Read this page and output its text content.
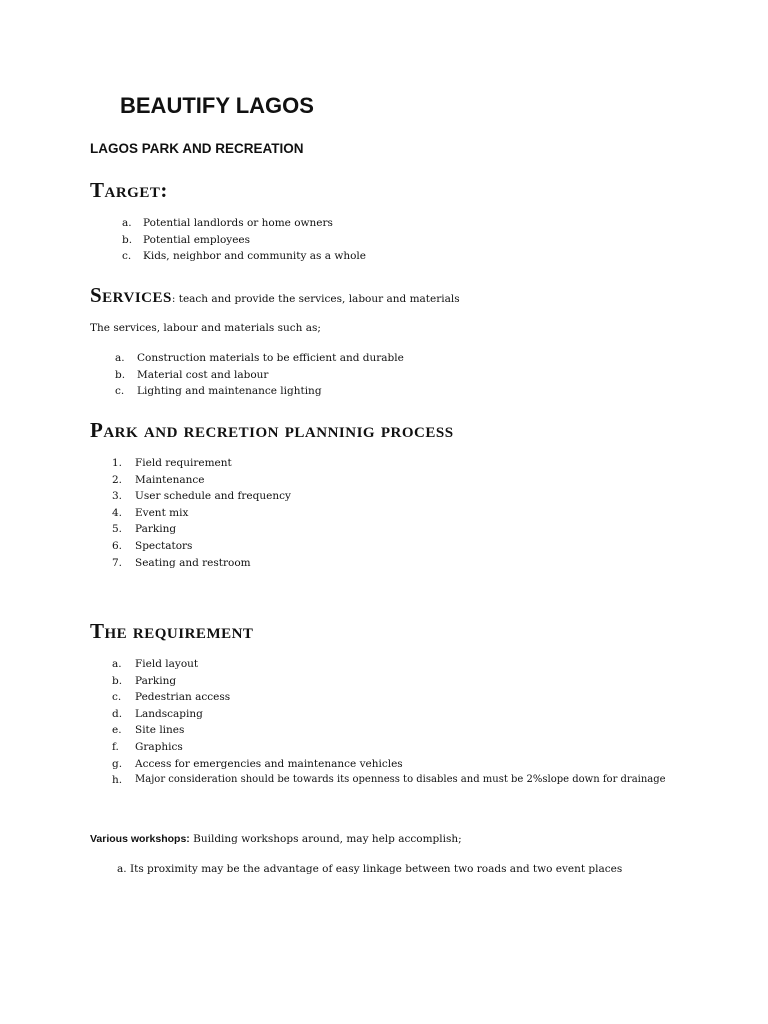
BEAUTIFY LAGOS
LAGOS PARK AND RECREATION
Target:
a. Potential landlords or home owners
b. Potential employees
c. Kids, neighbor and community as a whole
Services: teach and provide the services, labour and materials
The services, labour and materials such as;
a. Construction materials to be efficient and durable
b. Material cost and labour
c. Lighting and maintenance lighting
Park and recretion planninig process
1. Field requirement
2. Maintenance
3. User schedule and frequency
4. Event mix
5. Parking
6. Spectators
7. Seating and restroom
The requirement
a. Field layout
b. Parking
c. Pedestrian access
d. Landscaping
e. Site lines
f. Graphics
g. Access for emergencies and maintenance vehicles
h. Major consideration should be towards its openness to disables and must be 2%slope down for drainage
Various workshops: Building workshops around, may help accomplish;
a. Its proximity may be the advantage of easy linkage between two roads and two event places
